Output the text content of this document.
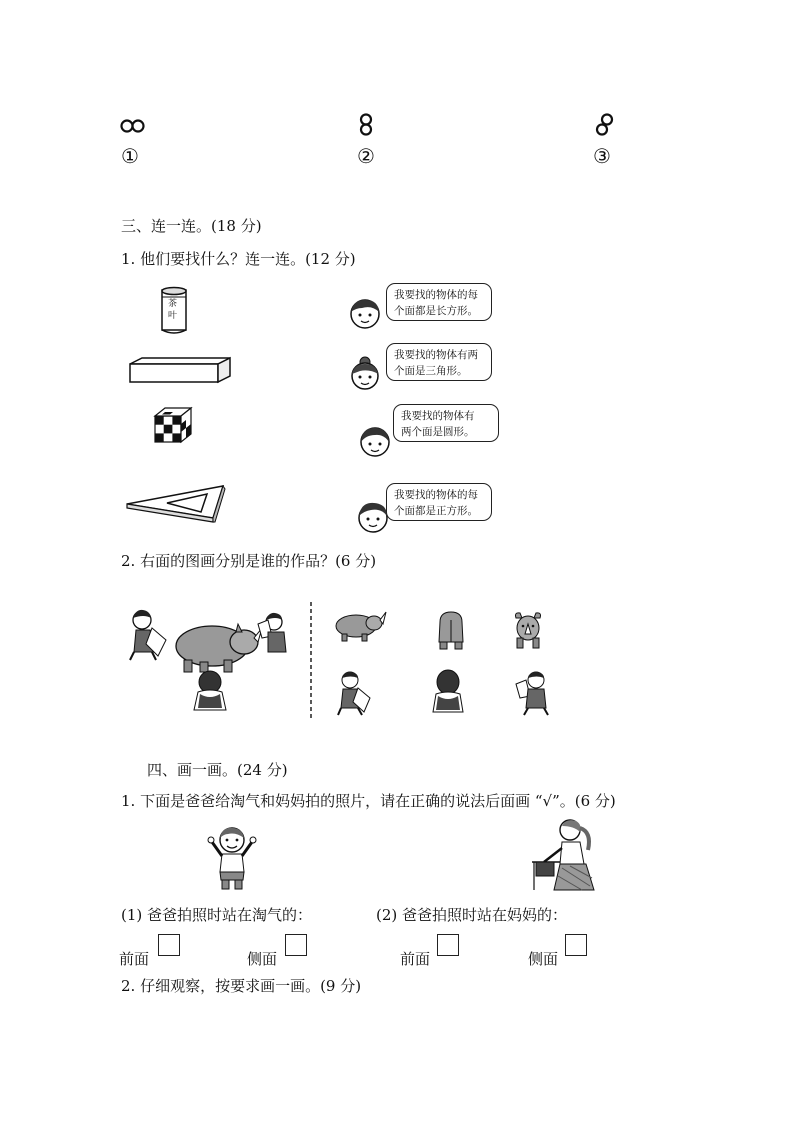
①	②	③
三、连一连。(18 分)
1. 他们要找什么？连一连。(12 分)
茶
叶
我要找的物体的每
个面都是长方形。
我要找的物体有两
个面是三角形。
我要找的物体有
两个面是圆形。
我要找的物体的每
个面都是正方形。
2. 右面的图画分别是谁的作品？(6 分)
四、画一画。(24 分)
1. 下面是爸爸给淘气和妈妈拍的照片，请在正确的说法后面画 “√”。(6 分)
(1) 爸爸拍照时站在淘气的：	(2) 爸爸拍照时站在妈妈的：
前面	侧面	前面	侧面
2. 仔细观察，按要求画一画。(9 分)
